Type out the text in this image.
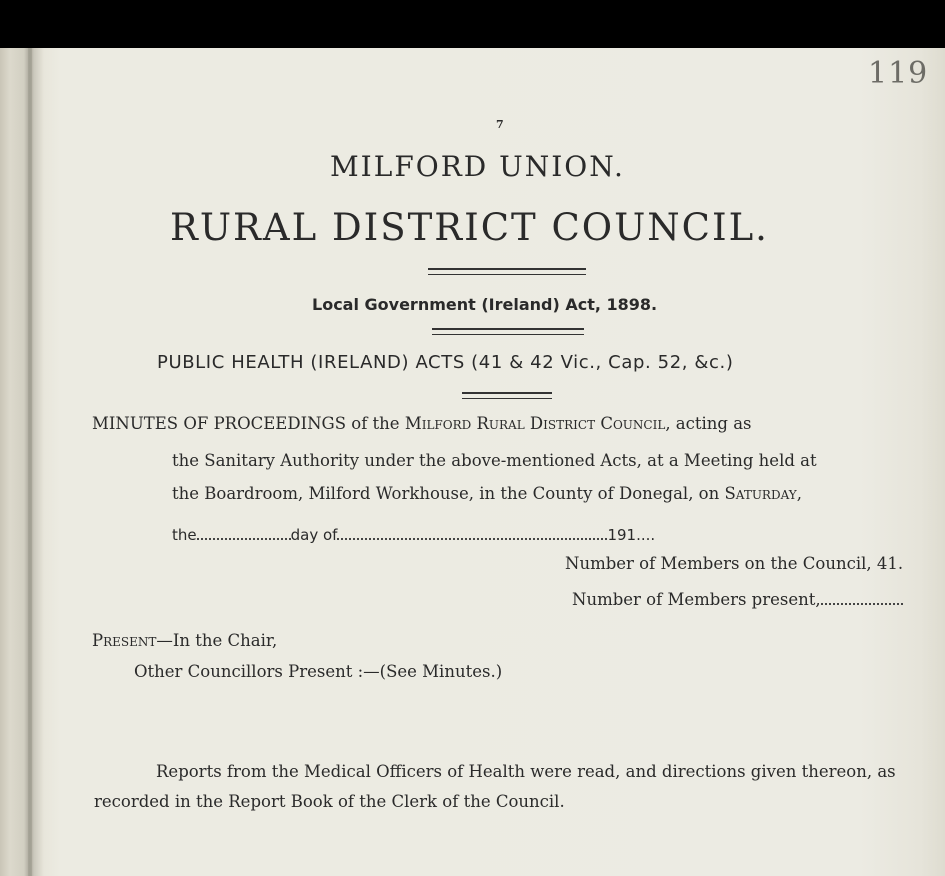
119
7
MILFORD UNION.
RURAL DISTRICT COUNCIL.
Local Government (Ireland) Act, 1898.
PUBLIC HEALTH (IRELAND) ACTS (41 & 42 Vic., Cap. 52, &c.)
MINUTES OF PROCEEDINGS of the Milford Rural District Council, acting as
the Sanitary Authority under the above-mentioned Acts, at a Meeting held at
the Boardroom, Milford Workhouse, in the County of Donegal, on Saturday,
the	day of	191....
Number of Members on the Council, 41.
Number of Members present,
Present—In the Chair,
Other Councillors Present :—(See Minutes.)
Reports from the Medical Officers of Health were read, and directions given thereon, as
recorded in the Report Book of the Clerk of the Council.
